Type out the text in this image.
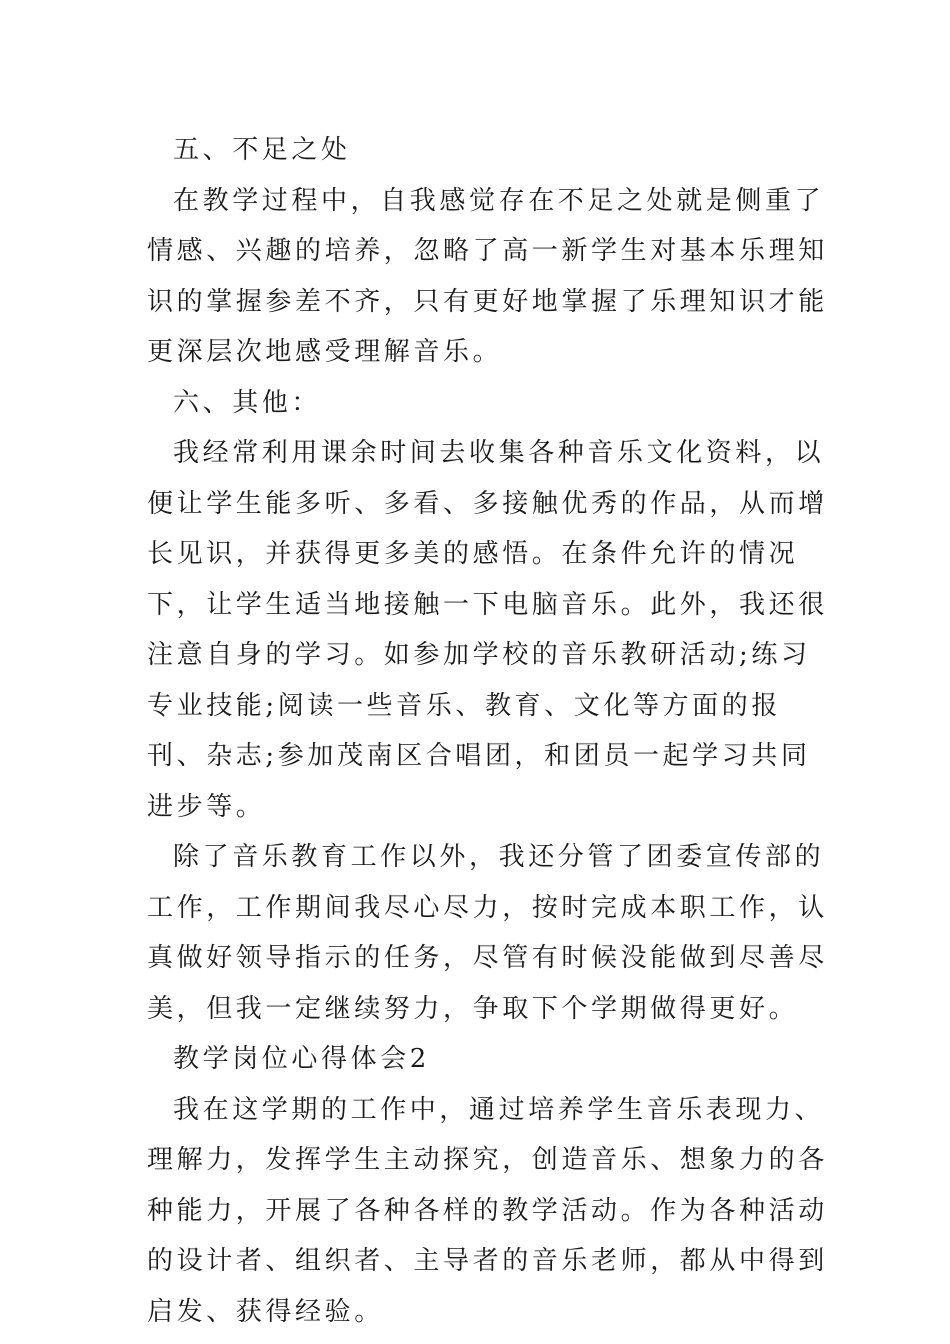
五、不足之处

在教学过程中，自我感觉存在不足之处就是侧重了情感、兴趣的培养，忽略了高一新学生对基本乐理知识的掌握参差不齐，只有更好地掌握了乐理知识才能更深层次地感受理解音乐。

六、其他：

我经常利用课余时间去收集各种音乐文化资料，以便让学生能多听、多看、多接触优秀的作品，从而增长见识，并获得更多美的感悟。在条件允许的情况下，让学生适当地接触一下电脑音乐。此外，我还很注意自身的学习。如参加学校的音乐教研活动;练习专业技能;阅读一些音乐、教育、文化等方面的报刊、杂志;参加茂南区合唱团，和团员一起学习共同进步等。

除了音乐教育工作以外，我还分管了团委宣传部的工作，工作期间我尽心尽力，按时完成本职工作，认真做好领导指示的任务，尽管有时候没能做到尽善尽美，但我一定继续努力，争取下个学期做得更好。

教学岗位心得体会2

我在这学期的工作中，通过培养学生音乐表现力、理解力，发挥学生主动探究，创造音乐、想象力的各种能力，开展了各种各样的教学活动。作为各种活动的设计者、组织者、主导者的音乐老师，都从中得到启发、获得经验。
